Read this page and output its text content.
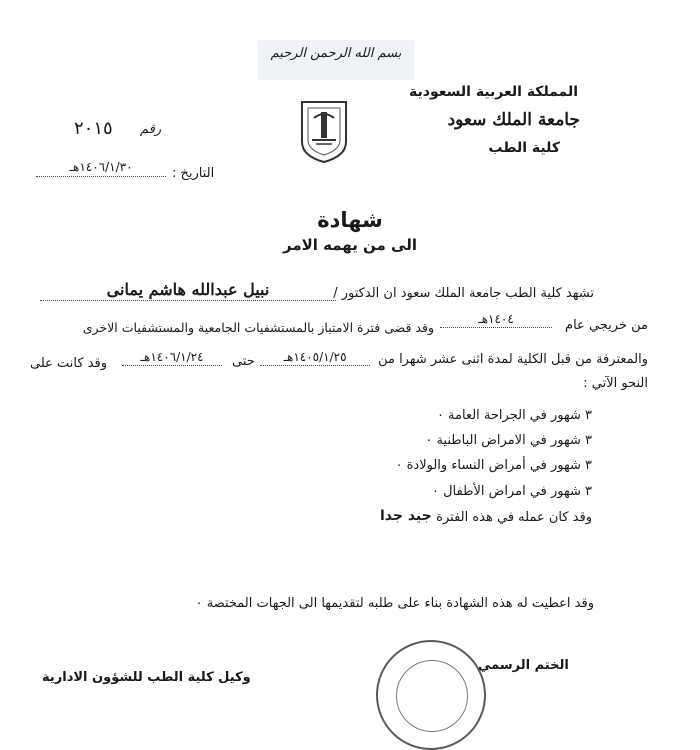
بسم الله الرحمن الرحيم
المملكة العربية السعودية
جامعة الملك سعود
كلية الطب
رقم
٢٠١٥
التاريخ :
١٤٠٦/١/٣٠هـ
شهادة
الى من يهمه الامر
تشهد كلية الطب جامعة الملك سعود ان الدكتور /
نبيل عبدالله هاشم يمانى
من خريجي عام
١٤٠٤هـ
وقد قضى فترة الامتياز بالمستشفيات الجامعية والمستشفيات الاخرى
والمعترفة من قبل الكلية لمدة اثنى عشر شهرا من
١٤٠٥/١/٢٥هـ
حتى
١٤٠٦/١/٢٤هـ
وقد كانت على
النحو الآتي :
٣ شهور في الجراحة العامة ٠
٣ شهور في الامراض الباطنية ٠
٣ شهور في أمراض النساء والولادة ٠
٣ شهور في امراض الأطفال ٠
وقد كان عمله في هذه الفترة
جيد جدا
وقد اعطيت له هذه الشهادة بناء على طلبه لتقديمها الى الجهات المختصة ٠
الختم الرسمي
وكيل كلية الطب للشؤون الادارية
